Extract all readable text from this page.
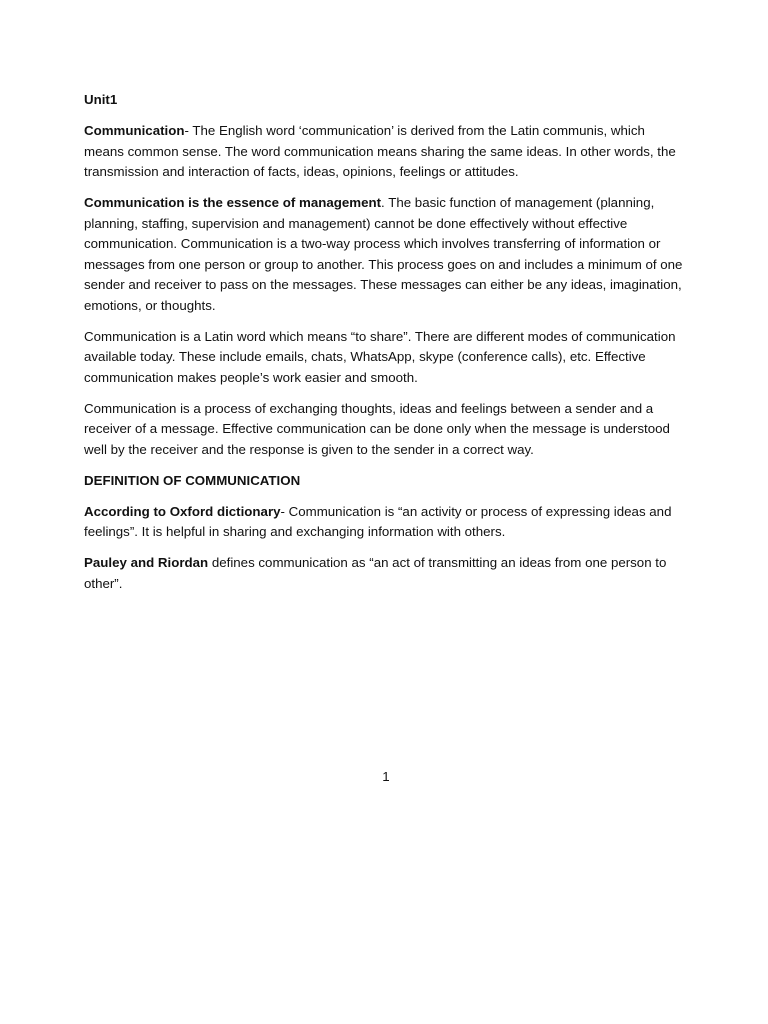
Unit1

Communication- The English word ‘communication’ is derived from the Latin communis, which means common sense. The word communication means sharing the same ideas. In other words, the transmission and interaction of facts, ideas, opinions, feelings or attitudes.

Communication is the essence of management. The basic function of management (planning, planning, staffing, supervision and management) cannot be done effectively without effective communication. Communication is a two-way process which involves transferring of information or messages from one person or group to another. This process goes on and includes a minimum of one sender and receiver to pass on the messages. These messages can either be any ideas, imagination, emotions, or thoughts.

Communication is a Latin word which means “to share”. There are different modes of communication available today. These include emails, chats, WhatsApp, skype (conference calls), etc. Effective communication makes people’s work easier and smooth.

Communication is a process of exchanging thoughts, ideas and feelings between a sender and a receiver of a message. Effective communication can be done only when the message is understood well by the receiver and the response is given to the sender in a correct way.

DEFINITION OF COMMUNICATION

According to Oxford dictionary- Communication is “an activity or process of expressing ideas and feelings”. It is helpful in sharing and exchanging information with others.

Pauley and Riordan defines communication as “an act of transmitting an ideas from one person to other”.

1
